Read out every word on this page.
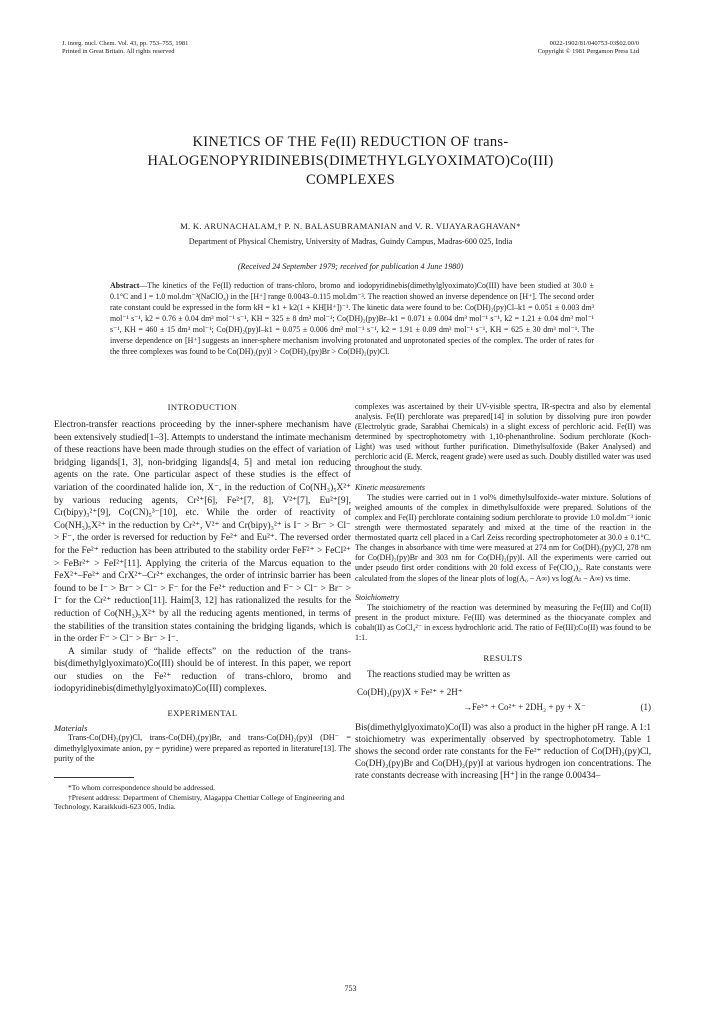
J. inorg. nucl. Chem. Vol. 43, pp. 753–755, 1981
Printed in Great Britain. All rights reserved
0022-1902/81/040753-03$02.00/0
Copyright © 1981 Pergamon Press Ltd
KINETICS OF THE Fe(II) REDUCTION OF trans-
HALOGENOPYRIDINEBIS(DIMETHYLGLYOXIMATO)Co(III)
COMPLEXES
M. K. ARUNACHALAM,† P. N. BALASUBRAMANIAN and V. R. VIJAYARAGHAVAN*
Department of Physical Chemistry, University of Madras, Guindy Campus, Madras-600 025, India
(Received 24 September 1979; received for publication 4 June 1980)
Abstract—The kinetics of the Fe(II) reduction of trans-chloro, bromo and iodopyridinebis(dimethylglyoximato)Co(III) have been studied at 30.0 ± 0.1°C and I = 1.0 mol.dm⁻³(NaClO₄) in the [H⁺] range 0.0043–0.115 mol.dm⁻³. The reaction showed an inverse dependence on [H⁺]. The second order rate constant could be expressed in the form kH = k1 + k2(1 + KH[H⁺])⁻¹. The kinetic data were found to be: Co(DH)₂(py)Cl–k1 = 0.051 ± 0.003 dm³ mol⁻¹ s⁻¹, k2 = 0.76 ± 0.04 dm³ mol⁻¹ s⁻¹, KH = 325 ± 8 dm³ mol⁻¹; Co(DH)₂(py)Br–k1 = 0.071 ± 0.004 dm³ mol⁻¹ s⁻¹, k2 = 1.21 ± 0.04 dm³ mol⁻¹ s⁻¹, KH = 460 ± 15 dm³ mol⁻¹; Co(DH)₂(py)I–k1 = 0.075 ± 0.006 dm³ mol⁻¹ s⁻¹, k2 = 1.91 ± 0.09 dm³ mol⁻¹ s⁻¹, KH = 625 ± 30 dm³ mol⁻¹. The inverse dependence on [H⁺] suggests an inner-sphere mechanism involving protonated and unprotonated species of the complex. The order of rates for the three complexes was found to be Co(DH)₂(py)I > Co(DH)₂(py)Br > Co(DH)₂(py)Cl.
INTRODUCTION

Electron-transfer reactions proceeding by the inner-sphere mechanism have been extensively studied[1–3]. Attempts to understand the intimate mechanism of these reactions have been made through studies on the effect of variation of bridging ligands[1, 3], non-bridging ligands[4, 5] and metal ion reducing agents on the rate. One particular aspect of these studies is the effect of variation of the coordinated halide ion, X⁻, in the reduction of Co(NH₃)₅X²⁺ by various reducing agents, Cr²⁺[6], Fe²⁺[7, 8], V²⁺[7], Eu²⁺[9], Cr(bipy)₃²⁺[9], Co(CN)₅³⁻[10], etc. While the order of reactivity of Co(NH₃)₅X²⁺ in the reduction by Cr²⁺, V²⁺ and Cr(bipy)₃²⁺ is I⁻ > Br⁻ > Cl⁻ > F⁻, the order is reversed for reduction by Fe²⁺ and Eu²⁺. The reversed order for the Fe²⁺ reduction has been attributed to the stability order FeF²⁺ > FeCl²⁺ > FeBr²⁺ > FeI²⁺[11]. Applying the criteria of the Marcus equation to the FeX²⁺–Fe²⁺ and CrX²⁺–Cr²⁺ exchanges, the order of intrinsic barrier has been found to be I⁻ > Br⁻ > Cl⁻ > F⁻ for the Fe²⁺ reduction and F⁻ > Cl⁻ > Br⁻ > I⁻ for the Cr²⁺ reduction[11]. Haim[3, 12] has rationalized the results for the reduction of Co(NH₃)₅X²⁺ by all the reducing agents mentioned, in terms of the stabilities of the transition states containing the bridging ligands, which is in the order F⁻ > Cl⁻ > Br⁻ > I⁻.

A similar study of “halide effects” on the reduction of the trans-bis(dimethylglyoximato)Co(III) should be of interest. In this paper, we report our studies on the Fe²⁺ reduction of trans-chloro, bromo and iodopyridinebis(dimethylglyoximato)Co(III) complexes.

EXPERIMENTAL
Materials

Trans-Co(DH)₂(py)Cl, trans-Co(DH)₂(py)Br, and trans-Co(DH)₂(py)I (DH⁻ = dimethylglyoximate anion, py = pyridine) were prepared as reported in literature[13]. The purity of the

*To whom correspondence should be addressed.

†Present address: Department of Chemistry, Alagappa Chettiar College of Engineering and Technology, Karaikkudi-623 005, India.

complexes was ascertained by their UV-visible spectra, IR-spectra and also by elemental analysis. Fe(II) perchlorate was prepared[14] in solution by dissolving pure iron powder (Electrolytic grade, Sarabhai Chemicals) in a slight excess of perchloric acid. Fe(II) was determined by spectrophotometry with 1,10-phenanthroline. Sodium perchlorate (Koch-Light) was used without further purification. Dimethylsulfoxide (Baker Analysed) and perchloric acid (E. Merck, reagent grade) were used as such. Doubly distilled water was used throughout the study.

Kinetic measurements

The studies were carried out in 1 vol% dimethylsulfoxide–water mixture. Solutions of weighed amounts of the complex in dimethylsulfoxide were prepared. Solutions of the complex and Fe(II) perchlorate containing sodium perchlorate to provide 1.0 mol.dm⁻³ ionic strength were thermostated separately and mixed at the time of the reaction in the thermostated quartz cell placed in a Carl Zeiss recording spectrophotometer at 30.0 ± 0.1°C. The changes in absorbance with time were measured at 274 nm for Co(DH)₂(py)Cl, 278 nm for Co(DH)₂(py)Br and 303 nm for Co(DH)₂(py)I. All the experiments were carried out under pseudo first order conditions with 20 fold excess of Fe(ClO₄)₂. Rate constants were calculated from the slopes of the linear plots of log(A₀ − A∞) vs log(Aₜ − A∞) vs time.

Stoichiometry

The stoichiometry of the reaction was determined by measuring the Fe(III) and Co(II) present in the product mixture. Fe(III) was determined as the thiocyanate complex and cobalt(II) as CoCl₄²⁻ in excess hydrochloric acid. The ratio of Fe(III):Co(II) was found to be 1:1.

RESULTS

The reactions studied may be written as

Co(DH)₂(py)X + Fe²⁺ + 2H⁺
→Fe³⁺ + Co²⁺ + 2DH₂ + py + X⁻	(1)

Bis(dimethylglyoximato)Co(II) was also a product in the higher pH range. A 1:1 stoichiometry was experimentally observed by spectrophotometry. Table 1 shows the second order rate constants for the Fe²⁺ reduction of Co(DH)₂(py)Cl, Co(DH)₂(py)Br and Co(DH)₂(py)I at various hydrogen ion concentrations. The rate constants decrease with increasing [H⁺] in the range 0.00434–

753
